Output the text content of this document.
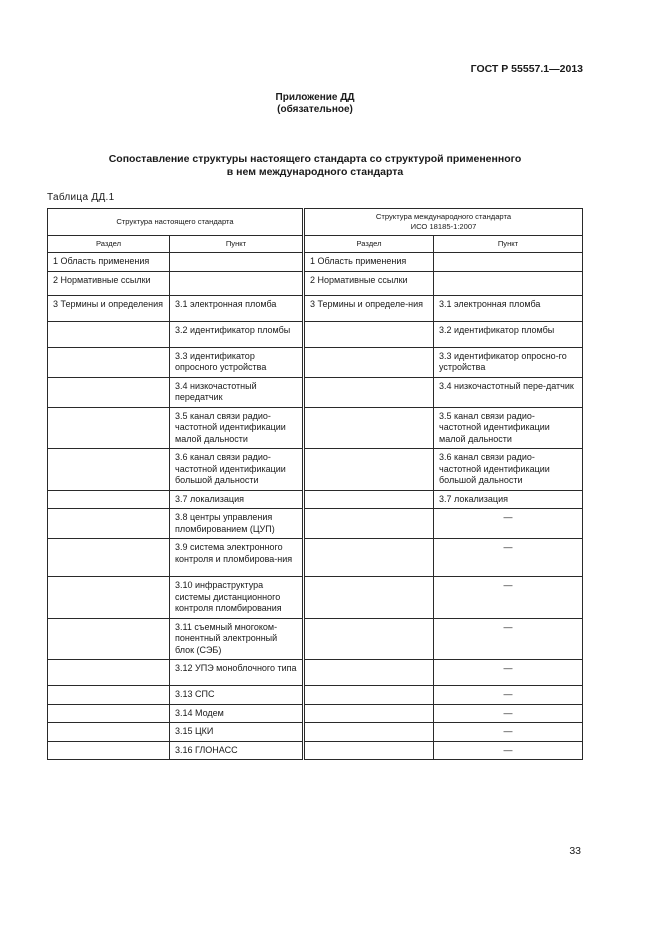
ГОСТ Р 55557.1—2013
Приложение ДД
(обязательное)
Сопоставление структуры настоящего стандарта со структурой примененного
в нем международного стандарта
Таблица ДД.1
Структура настоящего стандарта		Структура международного стандарта
ИСО 18185-1:2007	

Раздел	Пункт	Раздел	Пункт
1 Область применения		1 Область применения	
2 Нормативные ссылки		2 Нормативные ссылки	
3 Термины и определения	3.1 электронная пломба	3 Термины и определе-ния	3.1 электронная пломба
	3.2 идентификатор пломбы		3.2 идентификатор пломбы
	3.3 идентификатор опросного устройства		3.3 идентификатор опросно-го устройства
	3.4 низкочастотный передатчик		3.4 низкочастотный пере-датчик
	3.5 канал связи радио-частотной идентификации малой дальности		3.5 канал связи радио-частотной идентификации малой дальности
	3.6 канал связи радио-частотной идентификации большой дальности		3.6 канал связи радио-частотной идентификации большой дальности
	3.7 локализация		3.7 локализация
	3.8 центры управления пломбированием (ЦУП)		—
	3.9 система электронного контроля и пломбирова-ния		—
	3.10 инфраструктура системы дистанционного контроля пломбирования		—
	3.11 съемный многоком-понентный электронный блок (СЭБ)		—
	3.12 УПЭ моноблочного типа		—
	3.13 СПС		—
	3.14 Модем		—
	3.15 ЦКИ		—
	3.16 ГЛОНАСС		—
33
